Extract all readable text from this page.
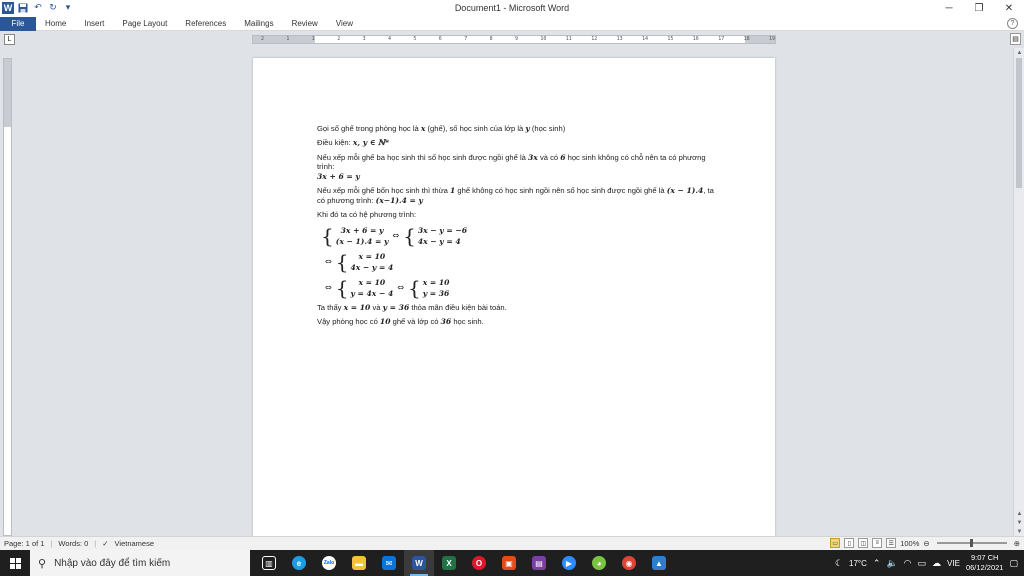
W ↶ ↻ ▾	Document1 - Microsoft Word	─	❐	✕
File	Home	Insert	Page Layout	References	Mailings	Review	View	?
L	2	1	1	2	3	4	5	6	7	8	9	10	11	12	13	14	15	16	17	18	19	▤

Gọi số ghế trong phòng học là x (ghế), số học sinh của lớp là y (học sinh)

Điều kiện: x, y ∈ ℕ*

Nếu xếp mỗi ghế ba học sinh thì số học sinh được ngồi ghế là 3x và có 6 học sinh không có chỗ nên ta có phương trình:
3x + 6 = y

Nếu xếp mỗi ghế bốn học sinh thì thừa 1 ghế không có học sinh ngồi nên số học sinh được ngồi ghế là (x − 1).4, ta có phương trình: (x−1).4 = y

Khi đó ta có hệ phương trình:

{ 3x + 6 = y
(x − 1).4 = y
⇔ { 3x − y = −6
4x − y = 4
⇔ {	x = 10
4x − y = 4
⇔ {	x = 10
y = 4x − 4
⇔ { x = 10
y = 36

Ta thấy x = 10 và y = 36 thỏa mãn điều kiện bài toán.

Vậy phòng học có 10 ghế và lớp có 36 học sinh.

▲
▲
▼
▼
Page: 1 of 1 | Words: 0 | ✓ Vietnamese	▭	▯	◫	≡	☰ 100% ⊖	⊕
⚲ Nhập vào đây để tìm kiếm	▥	e	Zalo	▬	✉	W	X	O	▣	▤	▶	◕	◉	▲	☾ 17°C ⌃ 🔈 ◠ ▭ ☁ VIE
9:07 CH
06/12/2021 ▢
